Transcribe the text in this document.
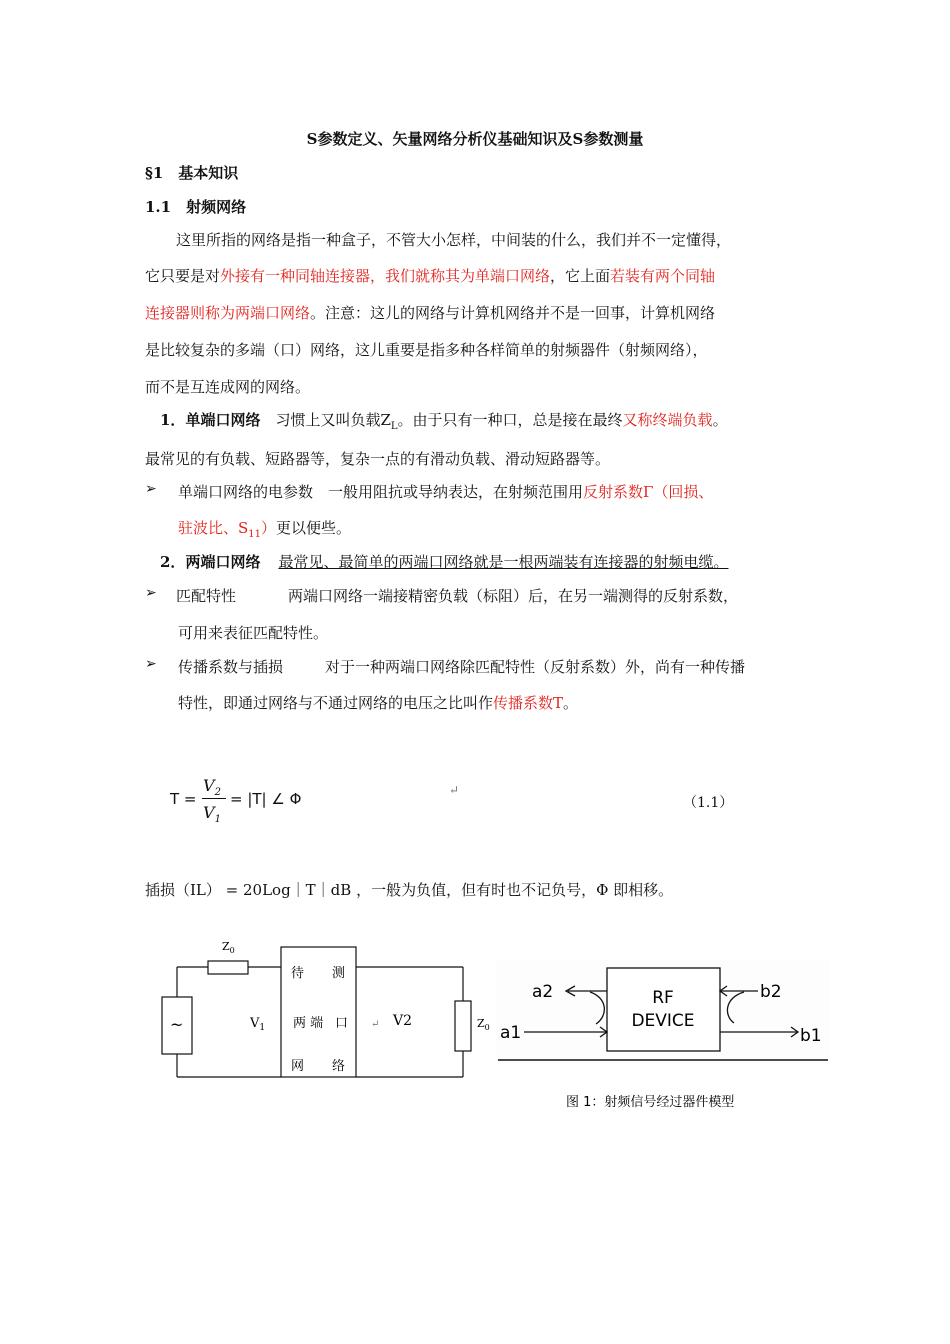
S参数定义、矢量网络分析仪基础知识及S参数测量
§1　基本知识
1.1　射频网络
这里所指的网络是指一种盒子，不管大小怎样，中间装的什么，我们并不一定懂得，
它只要是对外接有一种同轴连接器，我们就称其为单端口网络，它上面若装有两个同轴
连接器则称为两端口网络。注意：这儿的网络与计算机网络并不是一回事，计算机网络
是比较复杂的多端（口）网络，这儿重要是指多种各样简单的射频器件（射频网络），
而不是互连成网的网络。
1．单端口网络　习惯上又叫负载$Z_L$。由于只有一种口，总是接在最终又称终端负载。
最常见的有负载、短路器等，复杂一点的有滑动负载、滑动短路器等。
➢ 单端口网络的电参数　一般用阻抗或导纳表达，在射频范围用反射系数Γ（回损、
驻波比、$S_{11}$）更以便些。
2．两端口网络 最常见、最简单的两端口网络就是一根两端装有连接器的射频电缆。
➢ 匹配特性	两端口网络一端接精密负载（标阻）后，在另一端测得的反射系数，
可用来表征匹配特性。
➢ 传播系数与插损	对于一种两端口网络除匹配特性（反射系数）外，尚有一种传播
特性，即通过网络与不通过网络的电压之比叫作传播系数T。
T =
$V_2$
$V_1$
= |T| ∠ Φ	↵
（1.1）
插损（IL） = 20Log｜T｜dB ，一般为负值，但有时也不记负号，Φ 即相移。
$Z_0$
~	$V_1$
待 测
两 端 口
网 络
V2	$Z_0$
↵
RF
DEVICE
a2
a1
b2
b1
图 1：射频信号经过器件模型
